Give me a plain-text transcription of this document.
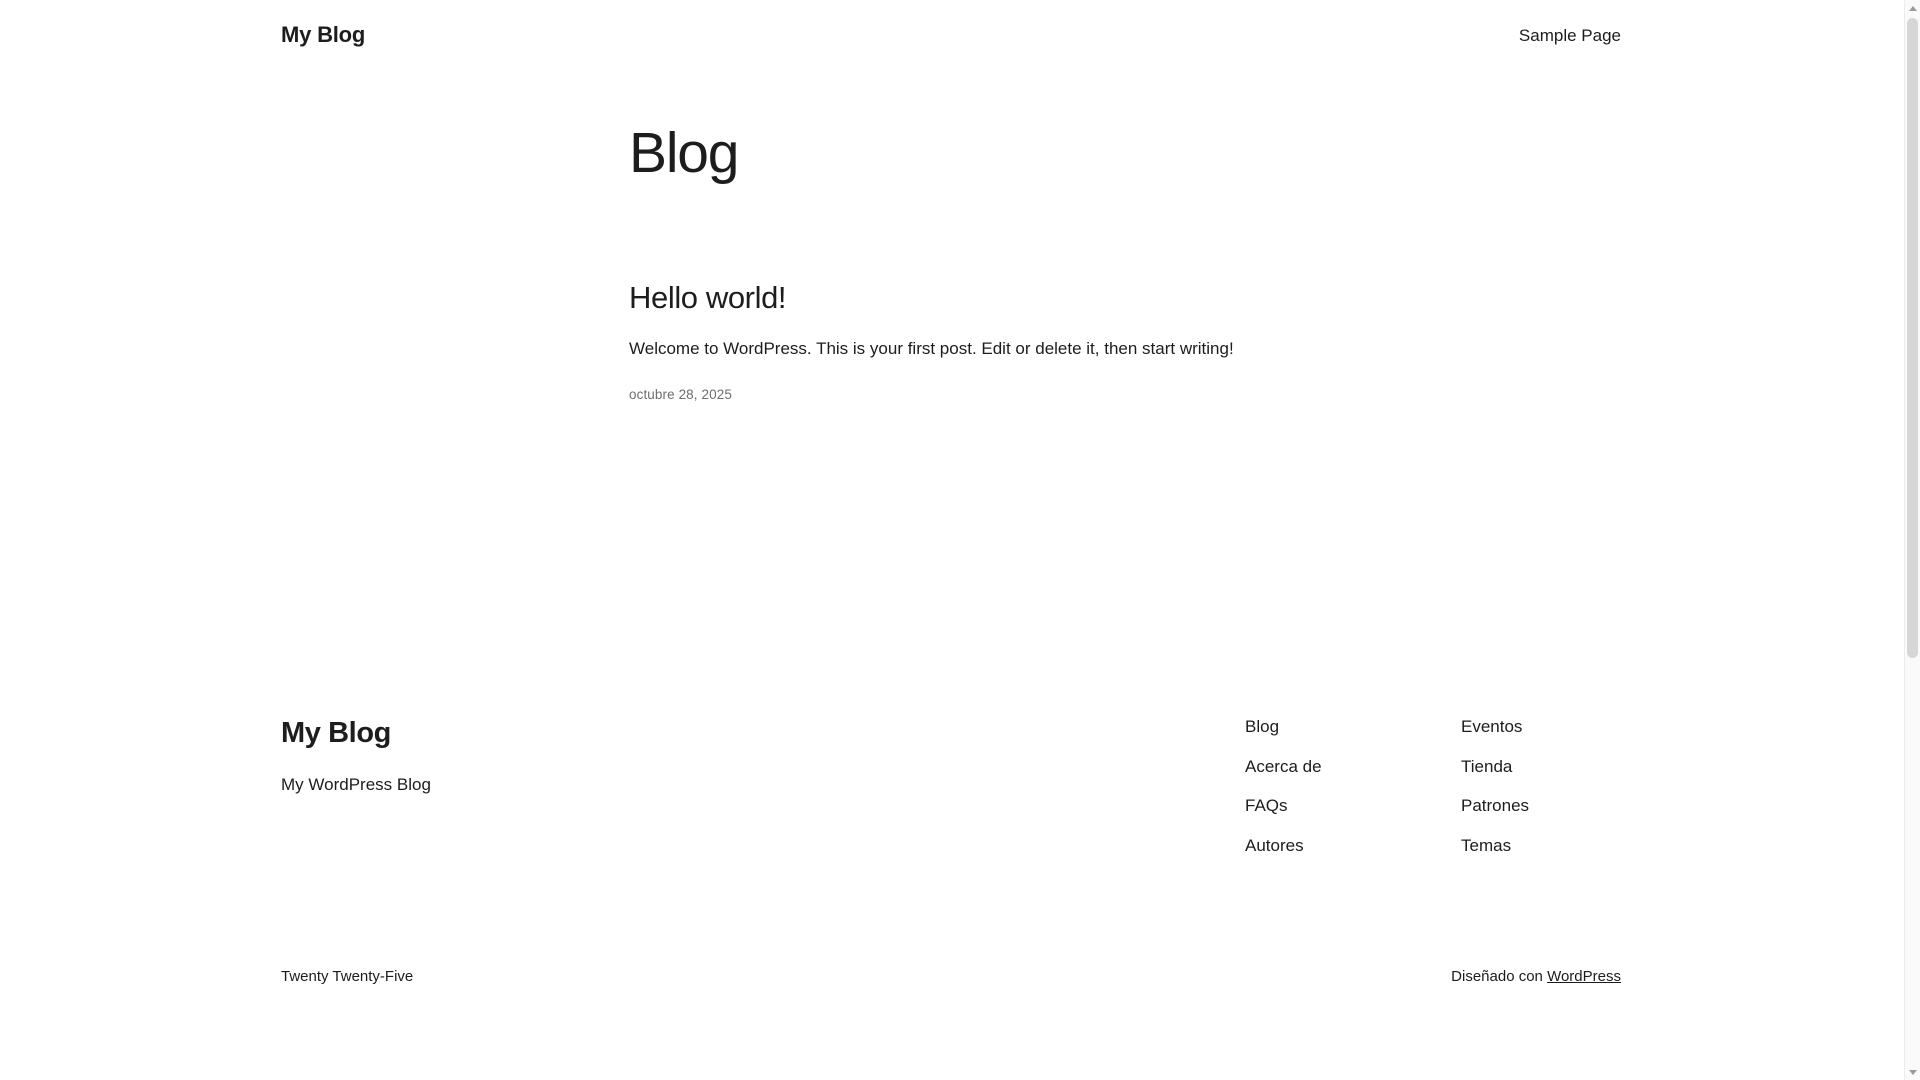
My Blog	Sample Page
Blog
Hello world!

Welcome to WordPress. This is your first post. Edit or delete it, then start writing!

octubre 28, 2025

My Blog

My WordPress Blog

Blog
Acerca de
FAQs
Autores
Eventos
Tienda
Patrones
Temas
Twenty Twenty-Five	Diseñado con WordPress
